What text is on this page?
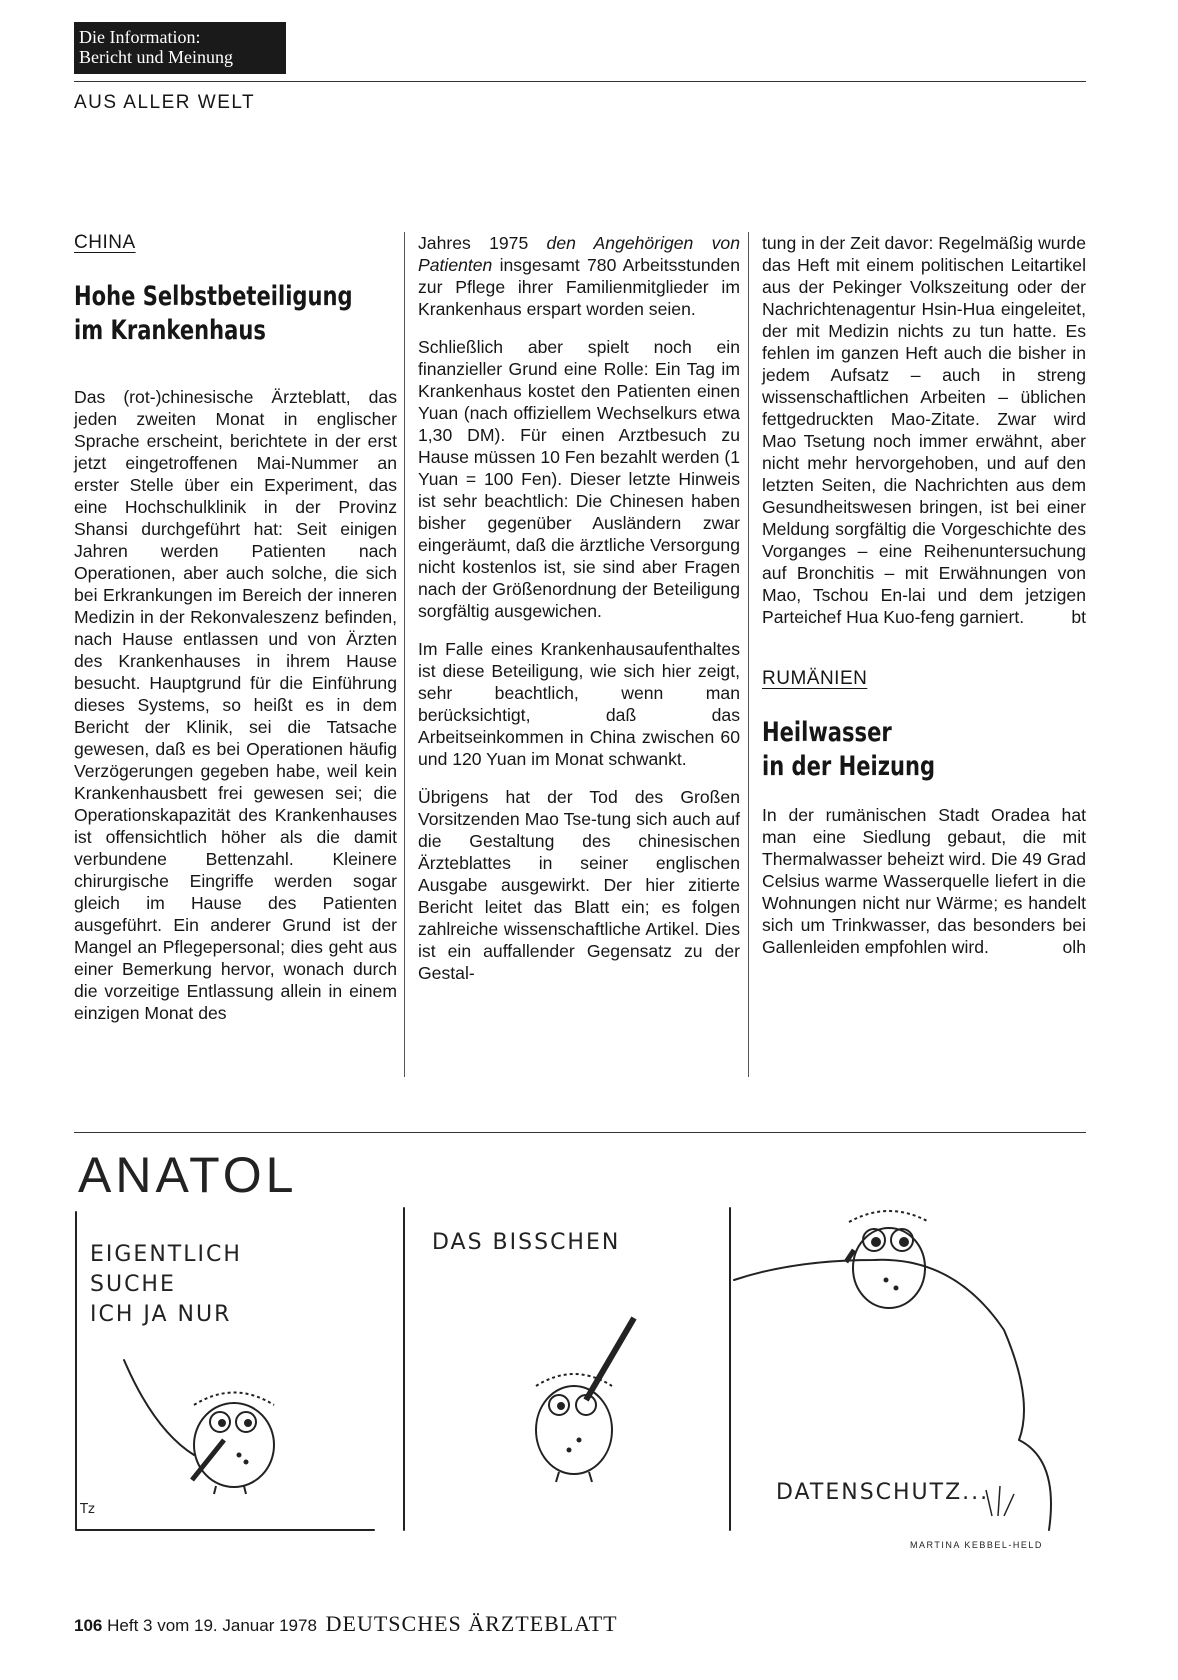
Die Information:
Bericht und Meinung
AUS ALLER WELT
CHINA
Hohe Selbstbeteiligung
im Krankenhaus

Das (rot-)chinesische Ärzteblatt, das jeden zweiten Monat in englischer Sprache erscheint, berichtete in der erst jetzt eingetroffenen Mai-Nummer an erster Stelle über ein Experiment, das eine Hochschulklinik in der Provinz Shansi durchgeführt hat: Seit einigen Jahren werden Patienten nach Operationen, aber auch solche, die sich bei Erkrankungen im Bereich der inneren Medizin in der Rekonvaleszenz befinden, nach Hause entlassen und von Ärzten des Krankenhauses in ihrem Hause besucht. Hauptgrund für die Einführung dieses Systems, so heißt es in dem Bericht der Klinik, sei die Tatsache gewesen, daß es bei Operationen häufig Verzögerungen gegeben habe, weil kein Krankenhausbett frei gewesen sei; die Operationskapazität des Krankenhauses ist offensichtlich höher als die damit verbundene Bettenzahl. Kleinere chirurgische Eingriffe werden sogar gleich im Hause des Patienten ausgeführt. Ein anderer Grund ist der Mangel an Pflegepersonal; dies geht aus einer Bemerkung hervor, wonach durch die vorzeitige Entlassung allein in einem einzigen Monat des

Jahres 1975 den Angehörigen von Patienten insgesamt 780 Arbeitsstunden zur Pflege ihrer Familienmitglieder im Krankenhaus erspart worden seien.

Schließlich aber spielt noch ein finanzieller Grund eine Rolle: Ein Tag im Krankenhaus kostet den Patienten einen Yuan (nach offiziellem Wechselkurs etwa 1,30 DM). Für einen Arztbesuch zu Hause müssen 10 Fen bezahlt werden (1 Yuan = 100 Fen). Dieser letzte Hinweis ist sehr beachtlich: Die Chinesen haben bisher gegenüber Ausländern zwar eingeräumt, daß die ärztliche Versorgung nicht kostenlos ist, sie sind aber Fragen nach der Größenordnung der Beteiligung sorgfältig ausgewichen.

Im Falle eines Krankenhausaufenthaltes ist diese Beteiligung, wie sich hier zeigt, sehr beachtlich, wenn man berücksichtigt, daß das Arbeitseinkommen in China zwischen 60 und 120 Yuan im Monat schwankt.

Übrigens hat der Tod des Großen Vorsitzenden Mao Tse-tung sich auch auf die Gestaltung des chinesischen Ärzteblattes in seiner englischen Ausgabe ausgewirkt. Der hier zitierte Bericht leitet das Blatt ein; es folgen zahlreiche wissenschaftliche Artikel. Dies ist ein auffallender Gegensatz zu der Gestal-

tung in der Zeit davor: Regelmäßig wurde das Heft mit einem politischen Leitartikel aus der Pekinger Volkszeitung oder der Nachrichtenagentur Hsin-Hua eingeleitet, der mit Medizin nichts zu tun hatte. Es fehlen im ganzen Heft auch die bisher in jedem Aufsatz – auch in streng wissenschaftlichen Arbeiten – üblichen fettgedruckten Mao-Zitate. Zwar wird Mao Tsetung noch immer erwähnt, aber nicht mehr hervorgehoben, und auf den letzten Seiten, die Nachrichten aus dem Gesundheitswesen bringen, ist bei einer Meldung sorgfältig die Vorgeschichte des Vorganges – eine Reihenuntersuchung auf Bronchitis – mit Erwähnungen von Mao, Tschou En-lai und dem jetzigen Parteichef Hua Kuo-feng garniert.	bt

RUMÄNIEN
Heilwasser
in der Heizung

In der rumänischen Stadt Oradea hat man eine Siedlung gebaut, die mit Thermalwasser beheizt wird. Die 49 Grad Celsius warme Wasserquelle liefert in die Wohnungen nicht nur Wärme; es handelt sich um Trinkwasser, das besonders bei Gallenleiden empfohlen wird.	olh

ANATOL
EIGENTLICH
SUCHE
ICH JA NUR
DAS BISSCHEN
DATENSCHUTZ...
Tz
MARTINA KEBBEL-HELD
106 Heft 3 vom 19. Januar 1978 DEUTSCHES ÄRZTEBLATT
